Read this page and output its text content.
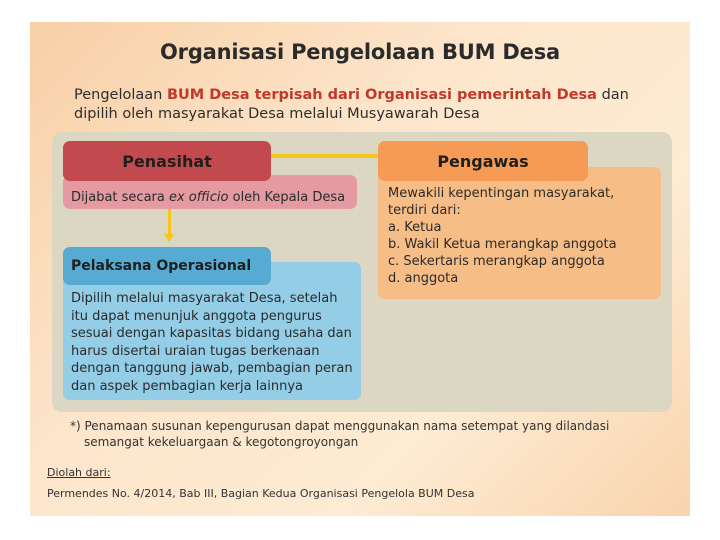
Organisasi Pengelolaan BUM Desa
Pengelolaan BUM Desa terpisah dari Organisasi pemerintah Desa dan dipilih oleh masyarakat Desa melalui Musyawarah Desa
Penasihat
Dijabat secara
ex officio
oleh Kepala Desa
Pengawas
Mewakili kepentingan masyarakat, terdiri dari:
a. Ketua
b. Wakil Ketua merangkap anggota
c. Sekertaris merangkap anggota
d. anggota
Pelaksana Operasional
Dipilih melalui masyarakat Desa, setelah itu dapat menunjuk anggota pengurus sesuai dengan kapasitas bidang usaha dan harus disertai uraian tugas berkenaan dengan tanggung jawab, pembagian peran dan aspek pembagian kerja lainnya
*) Penamaan susunan kepengurusan dapat menggunakan nama setempat yang dilandasi
semangat kekeluargaan & kegotongroyongan
Diolah dari:
Permendes No. 4/2014, Bab III, Bagian Kedua Organisasi Pengelola BUM Desa
